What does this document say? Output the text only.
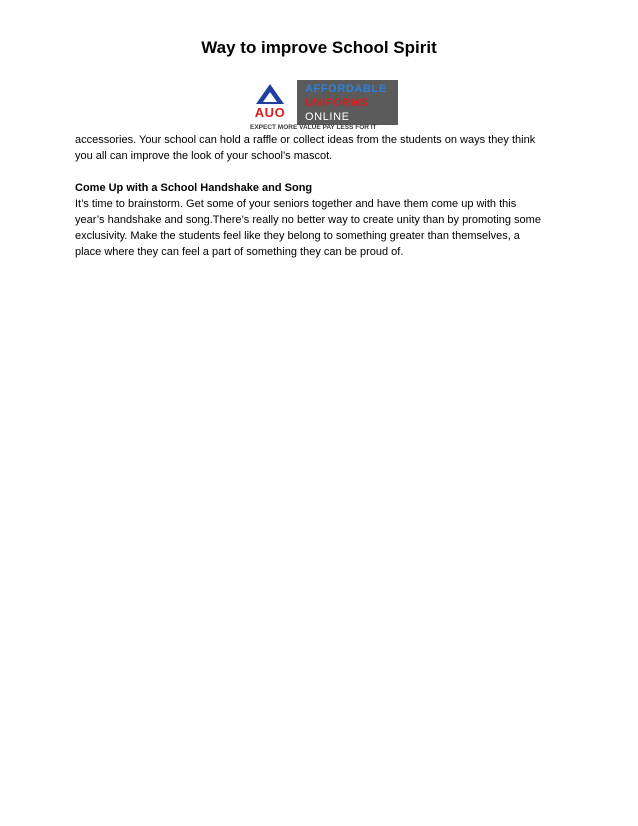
Way to improve School Spirit
AUO
AFFORDABLE
UNIFORMS
ONLINE
EXPECT MORE VALUE PAY LESS FOR IT

accessories. Your school can hold a raffle or collect ideas from the students on ways they think
you all can improve the look of your school’s mascot.

Come Up with a School Handshake and Song

It’s time to brainstorm. Get some of your seniors together and have them come up with this
year’s handshake and song.There’s really no better way to create unity than by promoting some
exclusivity. Make the students feel like they belong to something greater than themselves, a
place where they can feel a part of something they can be proud of.
